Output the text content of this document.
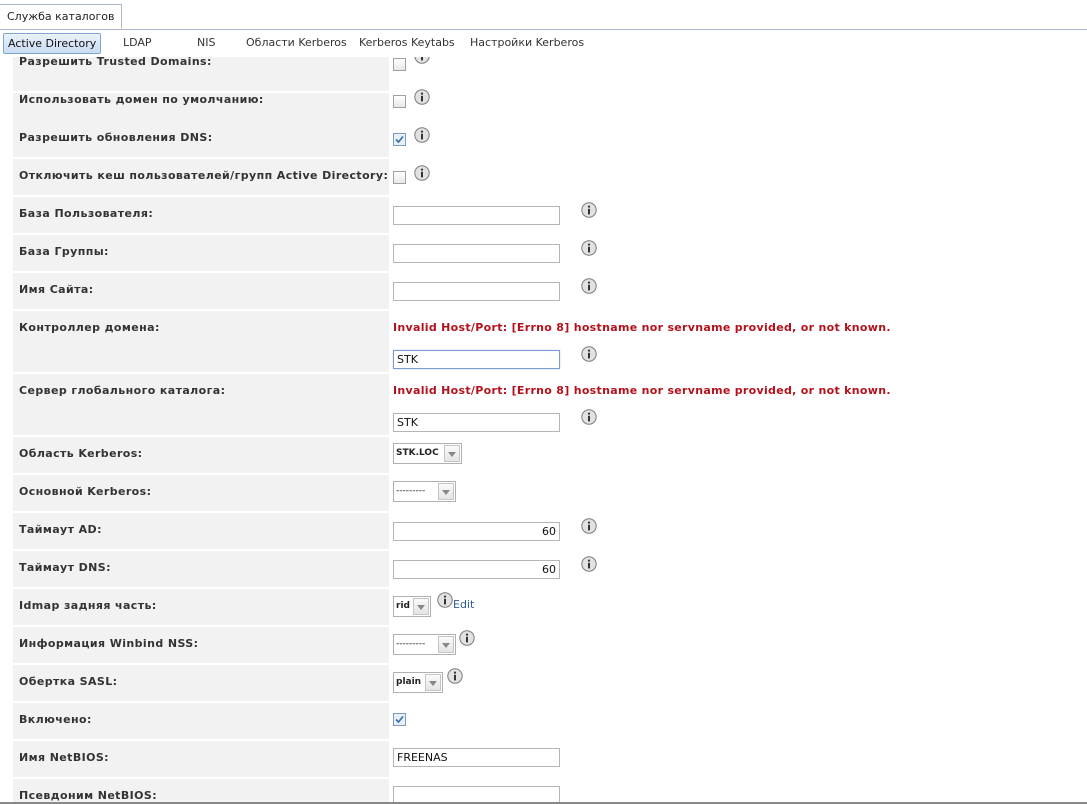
Служба каталогов
Active Directory	LDAP	NIS	Области Kerberos Kerberos Keytabs Настройки Kerberos
Разрешить Trusted Domains:
Использовать домен по умолчанию:
Разрешить обновления DNS:
Отключить кеш пользователей/групп Active Directory:
База Пользователя:
База Группы:
Имя Сайта:
Контроллер домена:	Invalid Host/Port: [Errno 8] hostname nor servname provided, or not known.
STK
Сервер глобального каталога:	Invalid Host/Port: [Errno 8] hostname nor servname provided, or not known.
STK
Область Kerberos:	STK.LOC
Основной Kerberos:	---------
Таймаут AD:
60
Таймаут DNS:
60
Idmap задняя часть:	rid	Edit
Информация Winbind NSS:	---------
Обертка SASL:	plain
Включено:
Имя NetBIOS:
FREENAS
Псевдоним NetBIOS:
